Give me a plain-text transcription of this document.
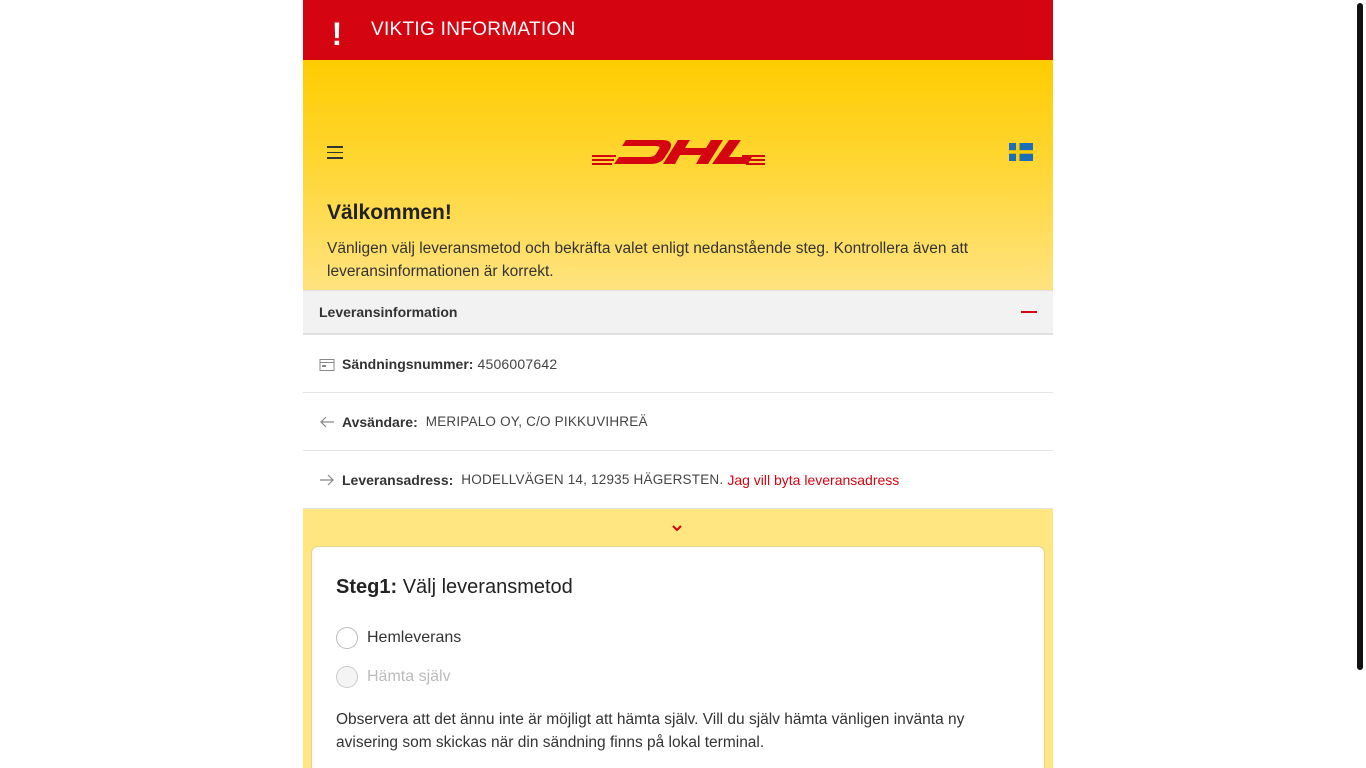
!	VIKTIG INFORMATION
Välkommen!

Vänligen välj leveransmetod och bekräfta valet enligt nedanstående steg. Kontrollera även att leveransinformationen är korrekt.

Leveransinformation
Sändningsnummer: 4506007642
Avsändare: MERIPALO OY, C/O PIKKUVIHREÄ
Leveransadress: HODELLVÄGEN 14, 12935 HÄGERSTEN. Jag vill byta leveransadress
Steg1: Välj leveransmetod
Hemleverans
Hämta själv

Observera att det ännu inte är möjligt att hämta själv. Vill du själv hämta vänligen invänta ny avisering som skickas när din sändning finns på lokal terminal.
